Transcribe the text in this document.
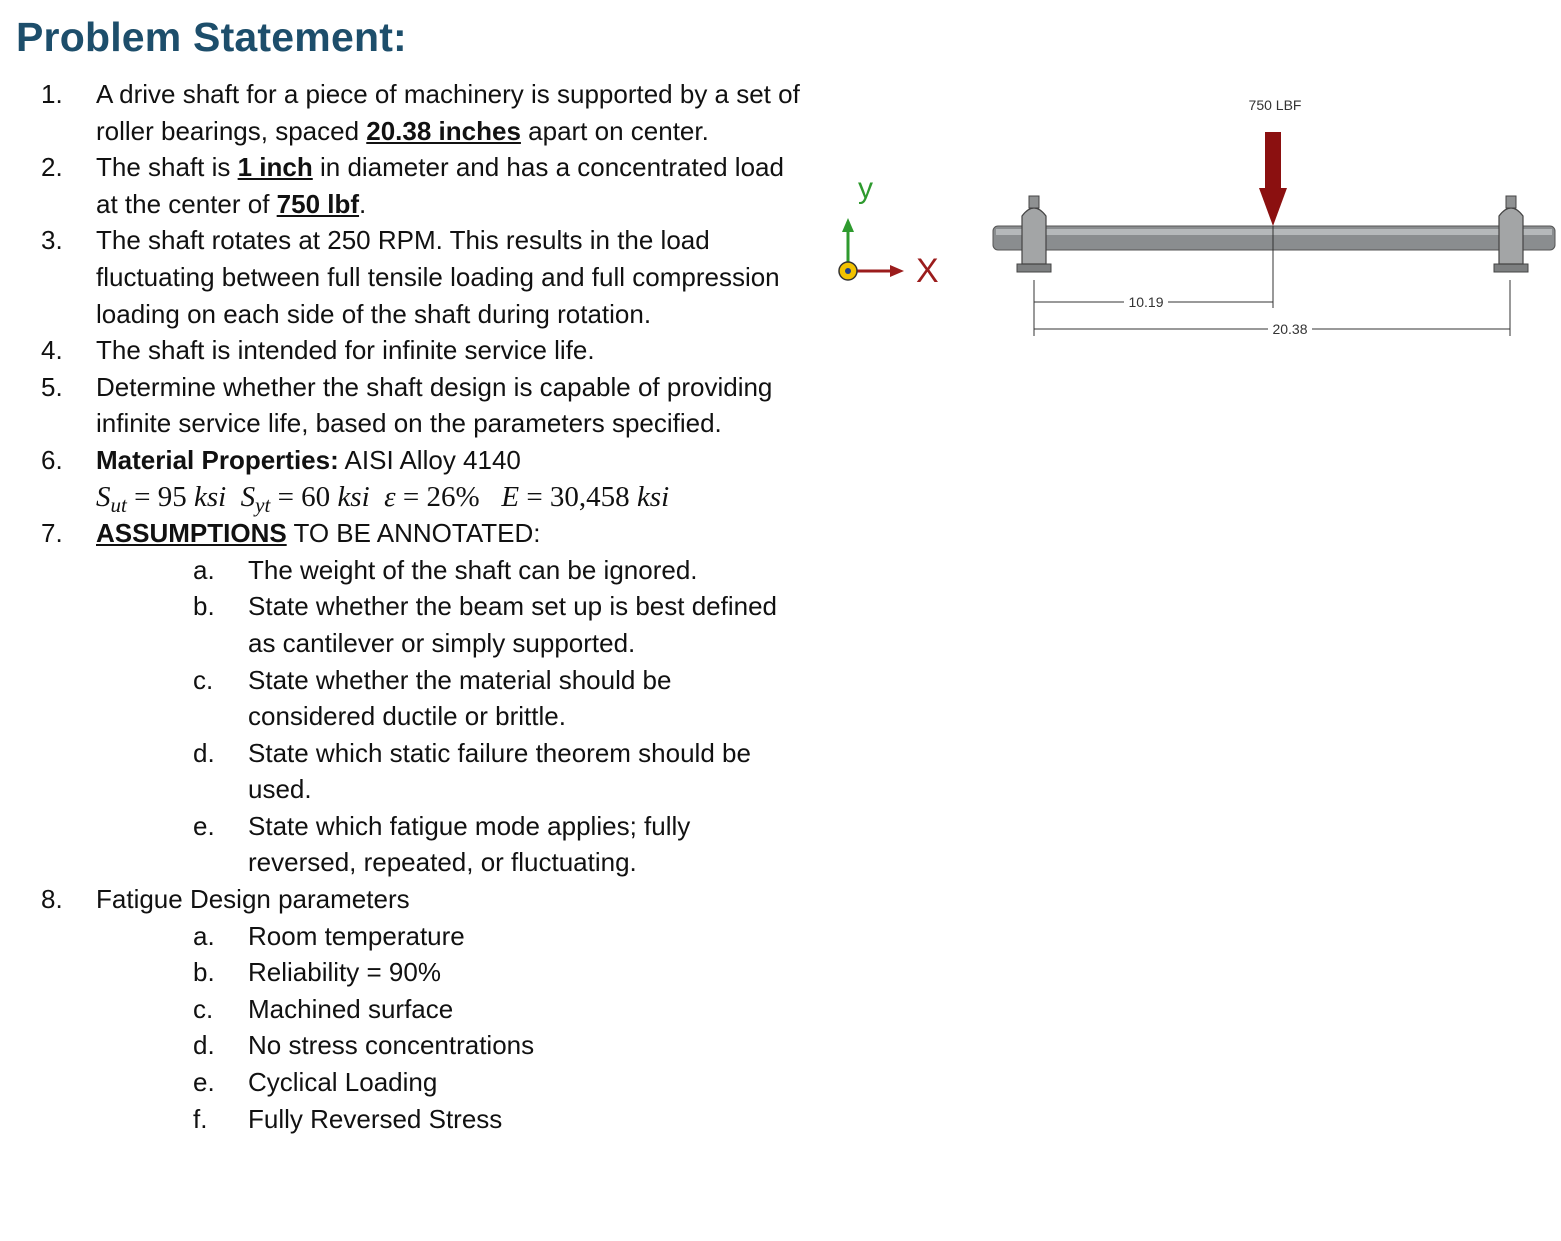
Problem Statement:
1. A drive shaft for a piece of machinery is supported by a set of roller bearings, spaced 20.38 inches apart on center.
2. The shaft is 1 inch in diameter and has a concentrated load at the center of 750 lbf.
3. The shaft rotates at 250 RPM. This results in the load fluctuating between full tensile loading and full compression loading on each side of the shaft during rotation.
4. The shaft is intended for infinite service life.
5. Determine whether the shaft design is capable of providing infinite service life, based on the parameters specified.
6. Material Properties: AISI Alloy 4140
$S_{ut} = 95$ ksi $S_{yt} = 60$ ksi ε = 26% E = 30,458 ksi
7. ASSUMPTIONS TO BE ANNOTATED:
a. The weight of the shaft can be ignored.
b. State whether the beam set up is best defined as cantilever or simply supported.
c. State whether the material should be considered ductile or brittle.
d. State which static failure theorem should be used.
e. State which fatigue mode applies; fully reversed, repeated, or fluctuating.
8. Fatigue Design parameters
a. Room temperature
b. Reliability = 90%
c. Machined surface
d. No stress concentrations
e. Cyclical Loading
f. Fully Reversed Stress
y
X
750 LBF
10.19
20.38
